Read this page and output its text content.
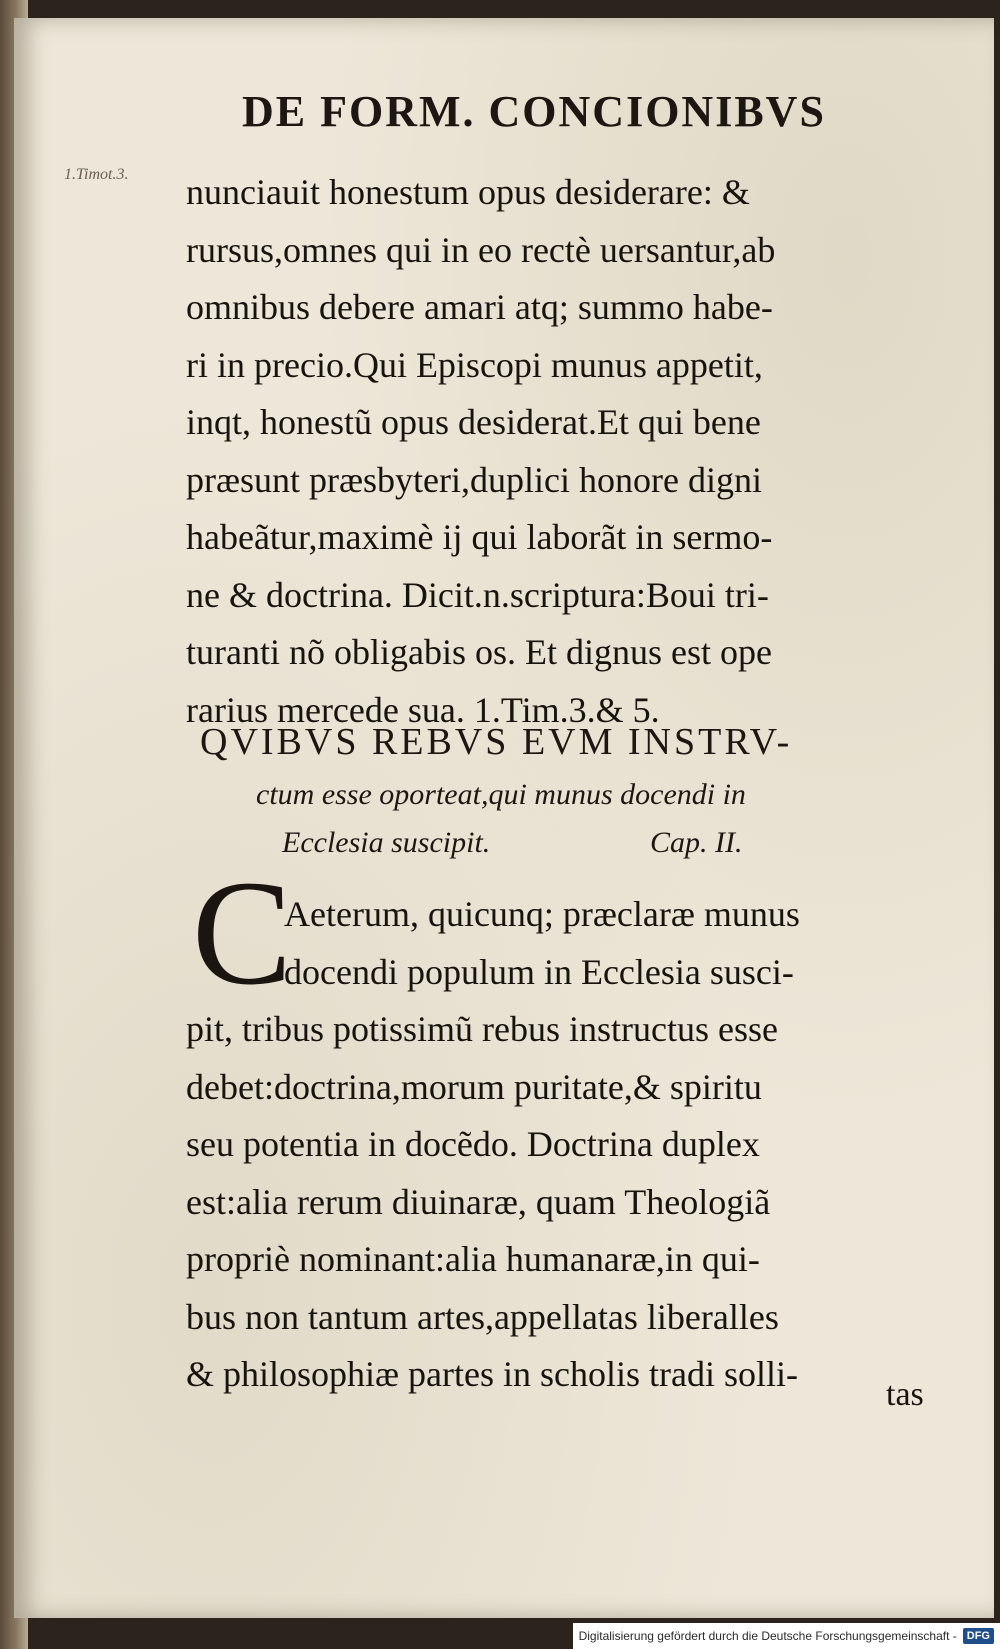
DE FORM. CONCIONIBVS
1.Timot.3. nunciauit honestum opus desiderare: &
rursus,omnes qui in eo rectè uersantur,ab
omnibus debere amari atq; summo habe-
ri in precio.Qui Episcopi munus appetit,
inqt, honestũ opus desiderat.Et qui bene
præsunt præsbyteri,duplici honore digni
habeãtur,maximè ij qui laborãt in sermo-
ne & doctrina. Dicit.n.scriptura:Boui tri-
turanti nõ obligabis os. Et dignus est ope
rarius mercede sua. 1.Tim.3.& 5.
QVIBVS REBVS EVM INSTRV-
ctum esse oporteat,qui munus docendi in
Ecclesia suscipit.	Cap. II.
C
Aeterum, quicunq; præclaræ munus
docendi populum in Ecclesia susci-
pit, tribus potissimũ rebus instructus esse
debet:doctrina,morum puritate,& spiritu
seu potentia in docẽdo. Doctrina duplex
est:alia rerum diuinaræ, quam Theologiã
propriè nominant:alia humanaræ,in qui-
bus non tantum artes,appellatas liberalles
& philosophiæ partes in scholis tradi solli-
tas
Digitalisierung gefördert durch die Deutsche Forschungsgemeinschaft - DFG
